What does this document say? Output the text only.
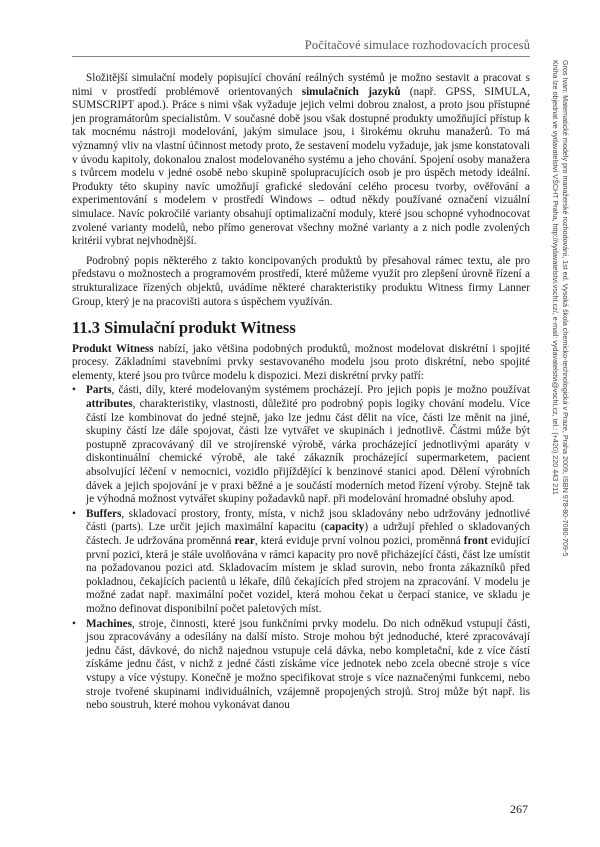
Počítačové simulace rozhodovacích procesů
Gros Ivan: Matematické modely pro manažerské rozhodování, 1st ed. Vysoká škola chemicko-technologická v Praze, Praha 2009, ISBN 978-80-7080-709-5
Kniha lze objednat ve vydavatelství VŠCHT Praha, http://vydavatelstvi.vscht.cz/, e-mail: vydavatelstvi@vscht.cz, tel.: (+420) 220 443 211

Složitější simulační modely popisující chování reálných systémů je možno sestavit a pracovat s nimi v prostředí problémově orientovaných simulačních jazyků (např. GPSS, SIMULA, SUMSCRIPT apod.). Práce s nimi však vyžaduje jejich velmi dobrou znalost, a proto jsou přístupné jen programátorům specialistům. V současné době jsou však dostupné produkty umožňující přístup k tak mocnému nástroji modelování, jakým simulace jsou, i širokému okruhu manažerů. To má významný vliv na vlastní účinnost metody proto, že sestavení modelu vyžaduje, jak jsme konstatovali v úvodu kapitoly, dokonalou znalost modelovaného systému a jeho chování. Spojení osoby manažera s tvůrcem modelu v jedné osobě nebo skupině spolupracujících osob je pro úspěch metody ideální. Produkty této skupiny navíc umožňují grafické sledování celého procesu tvorby, ověřování a experimentování s modelem v prostředí Windows – odtud někdy používané označení vizuální simulace. Navíc pokročilé varianty obsahují optimalizační moduly, které jsou schopné vyhodnocovat zvolené varianty modelů, nebo přímo generovat všechny možné varianty a z nich podle zvolených kritérií vybrat nejvhodnější.

Podrobný popis některého z takto koncipovaných produktů by přesahoval rámec textu, ale pro představu o možnostech a programovém prostředí, které můžeme využít pro zlepšení úrovně řízení a strukturalizace řízených objektů, uvádíme některé charakteristiky produktu Witness firmy Lanner Group, který je na pracovišti autora s úspěchem využíván.

11.3 Simulační produkt Witness

Produkt Witness nabízí, jako většina podobných produktů, možnost modelovat diskrétní i spojité procesy. Základními stavebními prvky sestavovaného modelu jsou proto diskrétní, nebo spojité elementy, které jsou pro tvůrce modelu k dispozici. Mezi diskrétní prvky patří:

• Parts, části, díly, které modelovaným systémem procházejí. Pro jejich popis je možno používat attributes, charakteristiky, vlastnosti, důležité pro podrobný popis logiky chování modelu. Více částí lze kombinovat do jedné stejně, jako lze jednu část dělit na více, části lze měnit na jiné, skupiny částí lze dále spojovat, části lze vytvářet ve skupinách i jednotlivě. Částmi může být postupně zpracovávaný díl ve strojírenské výrobě, várka procházející jednotlivými aparáty v diskontinuální chemické výrobě, ale také zákazník procházející supermarketem, pacient absolvující léčení v nemocnici, vozidlo přijíždějící k benzinové stanici apod. Dělení výrobních dávek a jejich spojování je v praxi běžné a je součástí moderních metod řízení výroby. Stejně tak je výhodná možnost vytvářet skupiny požadavků např. při modelování hromadné obsluhy apod.
• Buffers, skladovací prostory, fronty, místa, v nichž jsou skladovány nebo udržovány jednotlivé části (parts). Lze určit jejich maximální kapacitu (capacity) a udržují přehled o skladovaných částech. Je udržována proměnná rear, která eviduje první volnou pozici, proměnná front evidující první pozici, která je stále uvolňována v rámci kapacity pro nově přicházející části, část lze umístit na požadovanou pozici atd. Skladovacím místem je sklad surovin, nebo fronta zákazníků před pokladnou, čekajících pacientů u lékaře, dílů čekajících před strojem na zpracování. V modelu je možné zadat např. maximální počet vozidel, která mohou čekat u čerpací stanice, ve skladu je možno definovat disponibilní počet paletových míst.
• Machines, stroje, činnosti, které jsou funkčními prvky modelu. Do nich odněkud vstupují části, jsou zpracovávány a odesílány na další místo. Stroje mohou být jednoduché, které zpracovávají jednu část, dávkové, do nichž najednou vstupuje celá dávka, nebo kompletační, kde z více částí získáme jednu část, v nichž z jedné části získáme více jednotek nebo zcela obecné stroje s více vstupy a více výstupy. Konečně je možno specifikovat stroje s více naznačenými funkcemi, nebo stroje tvořené skupinami individuálních, vzájemně propojených strojů. Stroj může být např. lis nebo soustruh, které mohou vykonávat danou
267
